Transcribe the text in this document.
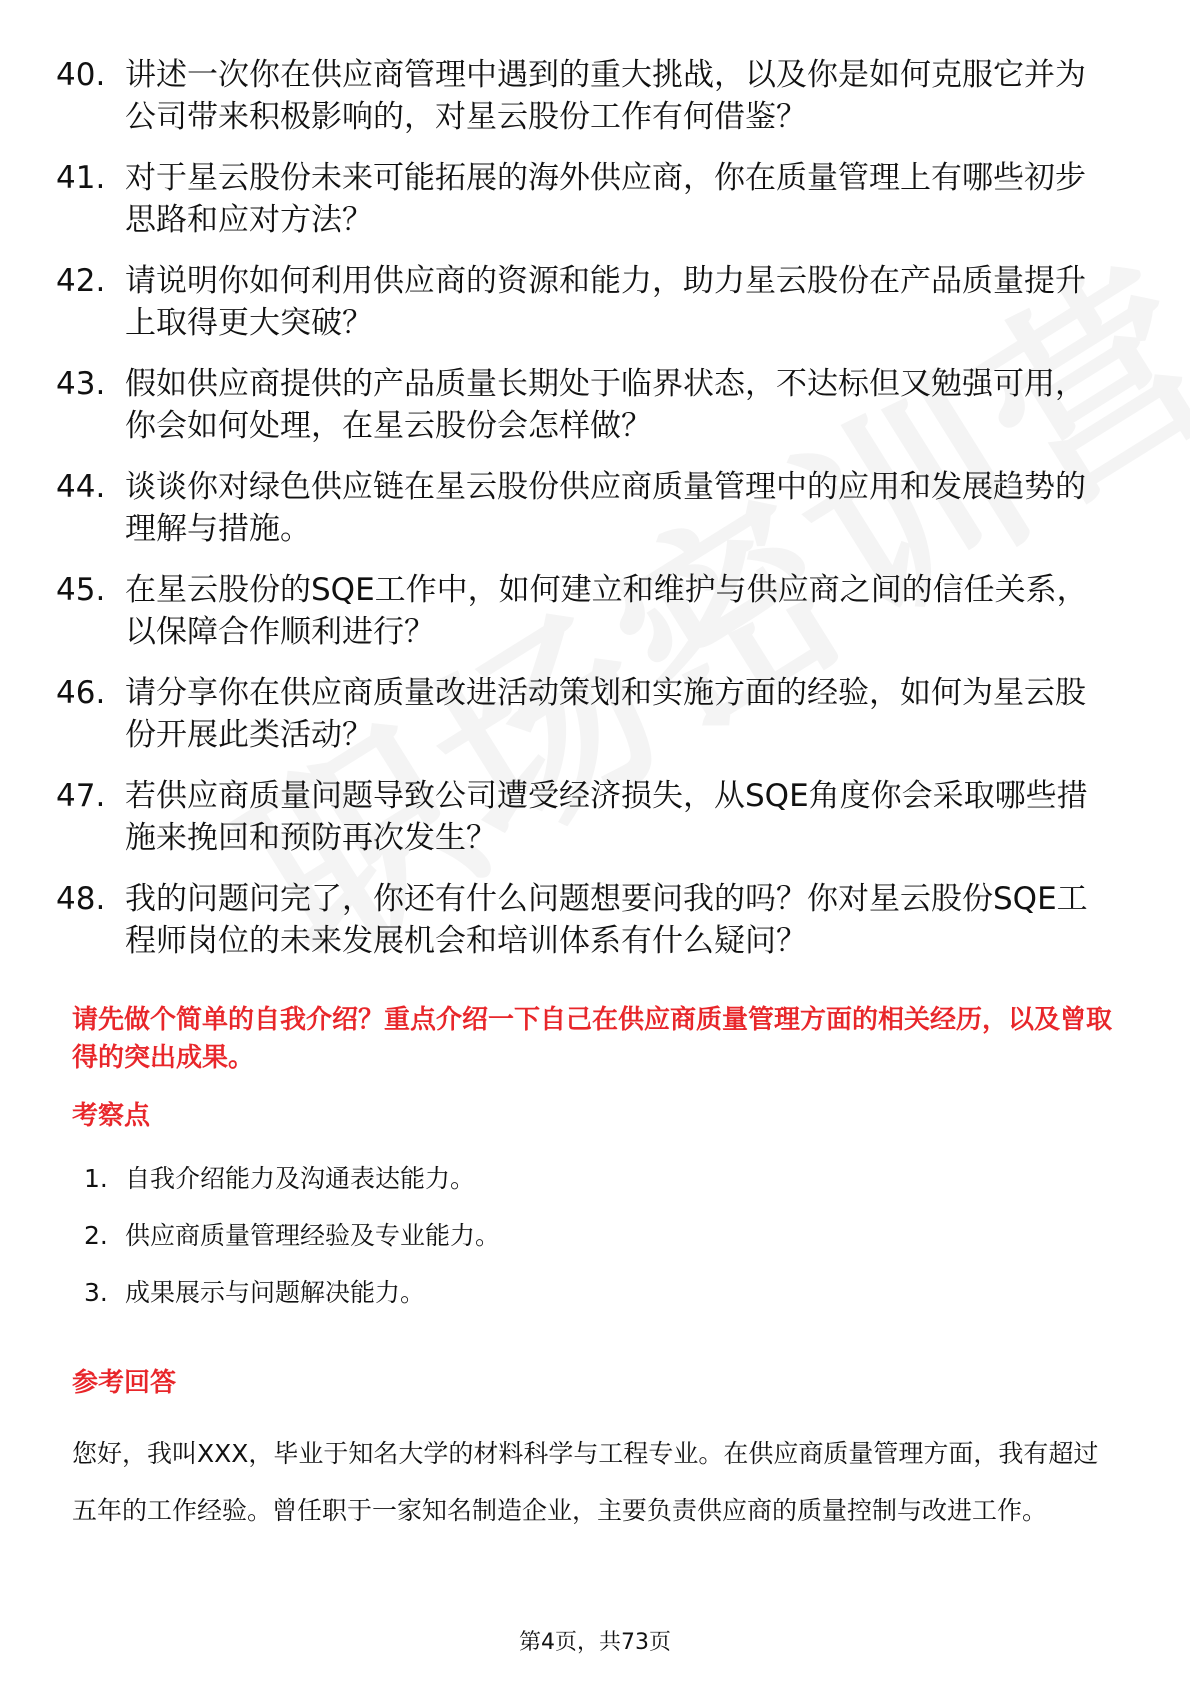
40. 讲述一次你在供应商管理中遇到的重大挑战，以及你是如何克服它并为公司带来积极影响的，对星云股份工作有何借鉴？
41. 对于星云股份未来可能拓展的海外供应商，你在质量管理上有哪些初步思路和应对方法？
42. 请说明你如何利用供应商的资源和能力，助力星云股份在产品质量提升上取得更大突破？
43. 假如供应商提供的产品质量长期处于临界状态，不达标但又勉强可用，你会如何处理，在星云股份会怎样做？
44. 谈谈你对绿色供应链在星云股份供应商质量管理中的应用和发展趋势的理解与措施。
45. 在星云股份的SQE工作中，如何建立和维护与供应商之间的信任关系，以保障合作顺利进行？
46. 请分享你在供应商质量改进活动策划和实施方面的经验，如何为星云股份开展此类活动？
47. 若供应商质量问题导致公司遭受经济损失，从SQE角度你会采取哪些措施来挽回和预防再次发生？
48. 我的问题问完了，你还有什么问题想要问我的吗？你对星云股份SQE工程师岗位的未来发展机会和培训体系有什么疑问？
请先做个简单的自我介绍？重点介绍一下自己在供应商质量管理方面的相关经历，以及曾取得的突出成果。
考察点
1. 自我介绍能力及沟通表达能力。
2. 供应商质量管理经验及专业能力。
3. 成果展示与问题解决能力。
参考回答

您好，我叫XXX，毕业于知名大学的材料科学与工程专业。在供应商质量管理方面，我有超过五年的工作经验。曾任职于一家知名制造企业，主要负责供应商的质量控制与改进工作。

第4页，共73页
